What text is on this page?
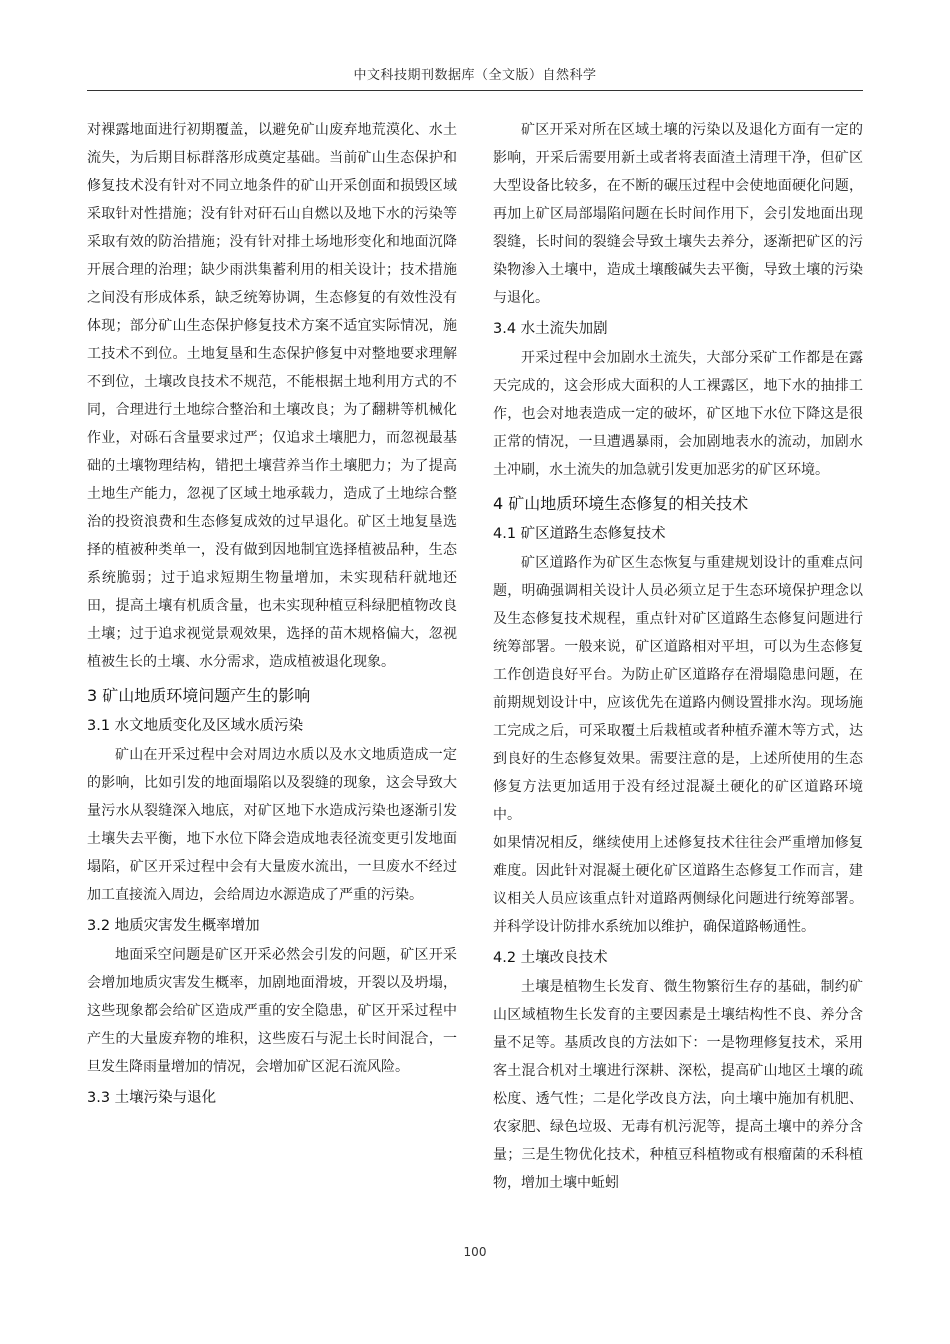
中文科技期刊数据库（全文版）自然科学

对裸露地面进行初期覆盖，以避免矿山废弃地荒漠化、水土流失，为后期目标群落形成奠定基础。当前矿山生态保护和修复技术没有针对不同立地条件的矿山开采创面和损毁区域采取针对性措施；没有针对矸石山自燃以及地下水的污染等采取有效的防治措施；没有针对排土场地形变化和地面沉降开展合理的治理；缺少雨洪集蓄利用的相关设计；技术措施之间没有形成体系，缺乏统筹协调，生态修复的有效性没有体现；部分矿山生态保护修复技术方案不适宜实际情况，施工技术不到位。土地复垦和生态保护修复中对整地要求理解不到位，土壤改良技术不规范，不能根据土地利用方式的不同，合理进行土地综合整治和土壤改良；为了翻耕等机械化作业，对砾石含量要求过严；仅追求土壤肥力，而忽视最基础的土壤物理结构，错把土壤营养当作土壤肥力；为了提高土地生产能力，忽视了区域土地承载力，造成了土地综合整治的投资浪费和生态修复成效的过早退化。矿区土地复垦选择的植被种类单一，没有做到因地制宜选择植被品种，生态系统脆弱；过于追求短期生物量增加，未实现秸秆就地还田，提高土壤有机质含量，也未实现种植豆科绿肥植物改良土壤；过于追求视觉景观效果，选择的苗木规格偏大，忽视植被生长的土壤、水分需求，造成植被退化现象。

3 矿山地质环境问题产生的影响
3.1 水文地质变化及区域水质污染

矿山在开采过程中会对周边水质以及水文地质造成一定的影响，比如引发的地面塌陷以及裂缝的现象，这会导致大量污水从裂缝深入地底，对矿区地下水造成污染也逐渐引发土壤失去平衡，地下水位下降会造成地表径流变更引发地面塌陷，矿区开采过程中会有大量废水流出，一旦废水不经过加工直接流入周边，会给周边水源造成了严重的污染。

3.2 地质灾害发生概率增加

地面采空问题是矿区开采必然会引发的问题，矿区开采会增加地质灾害发生概率，加剧地面滑坡，开裂以及坍塌，这些现象都会给矿区造成严重的安全隐患，矿区开采过程中产生的大量废弃物的堆积，这些废石与泥土长时间混合，一旦发生降雨量增加的情况，会增加矿区泥石流风险。

3.3 土壤污染与退化

矿区开采对所在区域土壤的污染以及退化方面有一定的影响，开采后需要用新土或者将表面渣土清理干净，但矿区大型设备比较多，在不断的碾压过程中会使地面硬化问题，再加上矿区局部塌陷问题在长时间作用下，会引发地面出现裂缝，长时间的裂缝会导致土壤失去养分，逐渐把矿区的污染物渗入土壤中，造成土壤酸碱失去平衡，导致土壤的污染与退化。

3.4 水土流失加剧

开采过程中会加剧水土流失，大部分采矿工作都是在露天完成的，这会形成大面积的人工裸露区，地下水的抽排工作，也会对地表造成一定的破坏，矿区地下水位下降这是很正常的情况，一旦遭遇暴雨，会加剧地表水的流动，加剧水土冲刷，水土流失的加急就引发更加恶劣的矿区环境。

4 矿山地质环境生态修复的相关技术
4.1 矿区道路生态修复技术

矿区道路作为矿区生态恢复与重建规划设计的重难点问题，明确强调相关设计人员必须立足于生态环境保护理念以及生态修复技术规程，重点针对矿区道路生态修复问题进行统筹部署。一般来说，矿区道路相对平坦，可以为生态修复工作创造良好平台。为防止矿区道路存在滑塌隐患问题，在前期规划设计中，应该优先在道路内侧设置排水沟。现场施工完成之后，可采取覆土后栽植或者种植乔灌木等方式，达到良好的生态修复效果。需要注意的是，上述所使用的生态修复方法更加适用于没有经过混凝土硬化的矿区道路环境中。

如果情况相反，继续使用上述修复技术往往会严重增加修复难度。因此针对混凝土硬化矿区道路生态修复工作而言，建议相关人员应该重点针对道路两侧绿化问题进行统筹部署。并科学设计防排水系统加以维护，确保道路畅通性。

4.2 土壤改良技术

土壤是植物生长发育、微生物繁衍生存的基础，制约矿山区域植物生长发育的主要因素是土壤结构性不良、养分含量不足等。基质改良的方法如下：一是物理修复技术，采用客土混合机对土壤进行深耕、深松，提高矿山地区土壤的疏松度、透气性；二是化学改良方法，向土壤中施加有机肥、农家肥、绿色垃圾、无毒有机污泥等，提高土壤中的养分含量；三是生物优化技术，种植豆科植物或有根瘤菌的禾科植物，增加土壤中蚯蚓

100
